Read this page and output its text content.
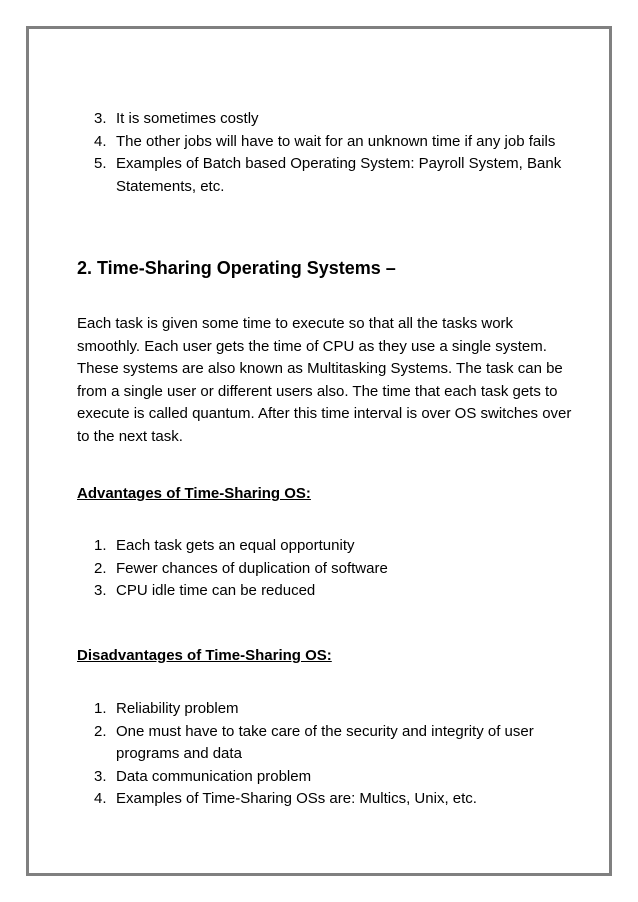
3. It is sometimes costly
4. The other jobs will have to wait for an unknown time if any job fails
5. Examples of Batch based Operating System: Payroll System, Bank Statements, etc.
2. Time-Sharing Operating Systems –

Each task is given some time to execute so that all the tasks work smoothly. Each user gets the time of CPU as they use a single system. These systems are also known as Multitasking Systems. The task can be from a single user or different users also. The time that each task gets to execute is called quantum. After this time interval is over OS switches over to the next task.

Advantages of Time-Sharing OS:

1. Each task gets an equal opportunity
2. Fewer chances of duplication of software
3. CPU idle time can be reduced

Disadvantages of Time-Sharing OS:

1. Reliability problem
2. One must have to take care of the security and integrity of user programs and data
3. Data communication problem
4. Examples of Time-Sharing OSs are: Multics, Unix, etc.
